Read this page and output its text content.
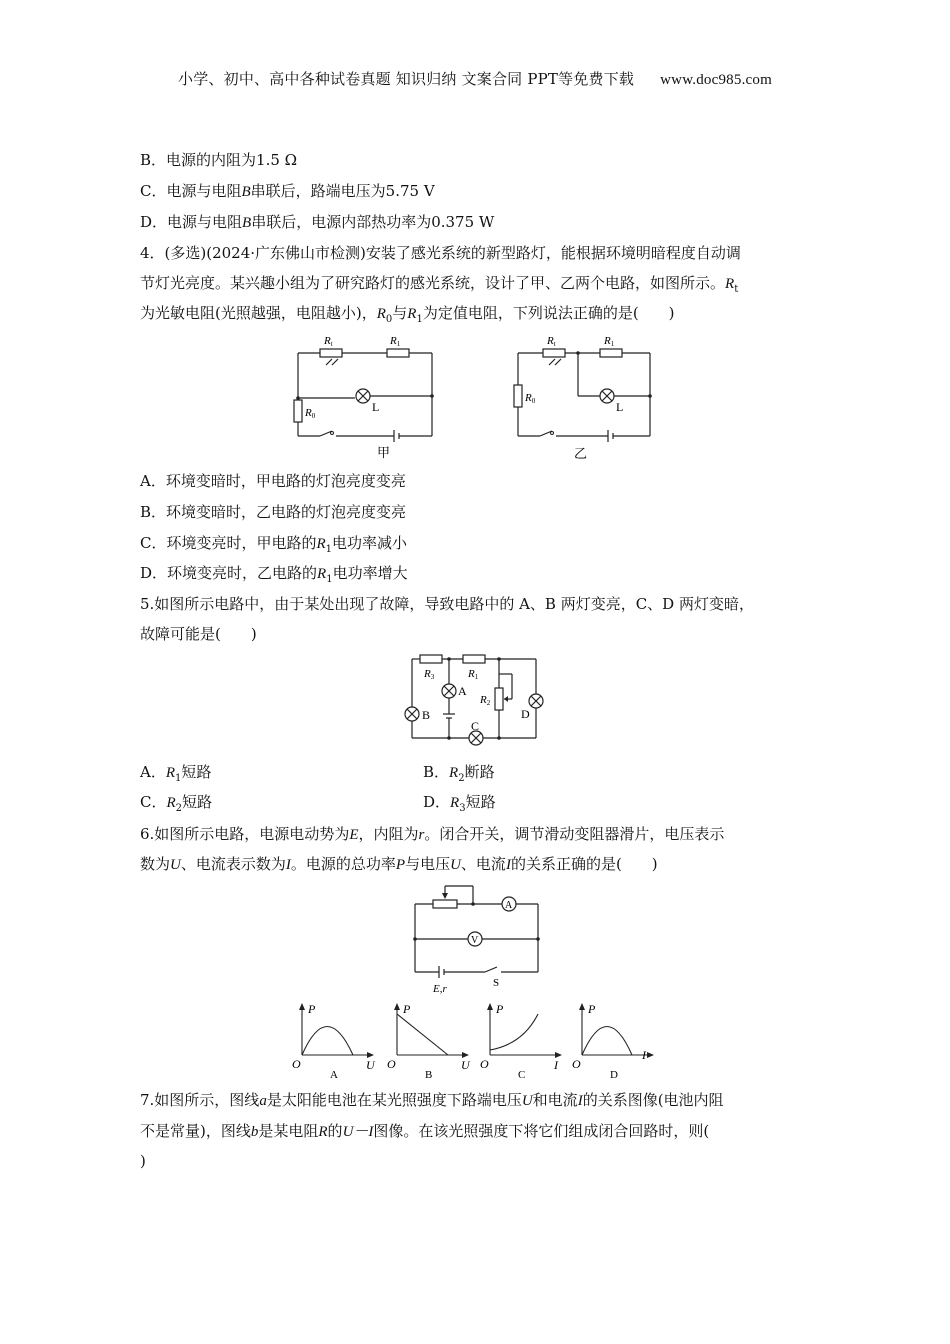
小学、初中、高中各种试卷真题 知识归纳 文案合同 PPT等免费下载 www.doc985.com
B．电源的内阻为1.5 Ω
C．电源与电阻B串联后，路端电压为5.75 V
D．电源与电阻B串联后，电源内部热功率为0.375 W
4．(多选)(2024·广东佛山市检测)安装了感光系统的新型路灯，能根据环境明暗程度自动调
节灯光亮度。某兴趣小组为了研究路灯的感光系统，设计了甲、乙两个电路，如图所示。$R_t$
为光敏电阻(光照越强，电阻越小)，$R_0$与$R_1$为定值电阻，下列说法正确的是(　　)
Rt	R1
R0
L
甲
Rt	R1
R0	L
乙
A．环境变暗时，甲电路的灯泡亮度变亮
B．环境变暗时，乙电路的灯泡亮度变亮
C．环境变亮时，甲电路的$R_1$电功率减小
D．环境变亮时，乙电路的$R_1$电功率增大
5.如图所示电路中，由于某处出现了故障，导致电路中的 A、B 两灯变亮，C、D 两灯变暗，
故障可能是(　　)
R3	R1
R2
A
B
C
D
A．$R_1$短路	B．$R_2$断路
C．$R_2$短路	D．$R_3$短路
6.如图所示电路，电源电动势为E，内阻为r。闭合开关，调节滑动变阻器滑片，电压表示
数为U、电流表示数为I。电源的总功率P与电压U、电流I的关系正确的是(　　)
A
V
E,r	S
P
U
O
A
P
U
O
B
P
I
O
C
P
I
O
D
7.如图所示，图线a是太阳能电池在某光照强度下路端电压U和电流I的关系图像(电池内阻
不是常量)，图线b是某电阻R的U－I图像。在该光照强度下将它们组成闭合回路时，则(
)
